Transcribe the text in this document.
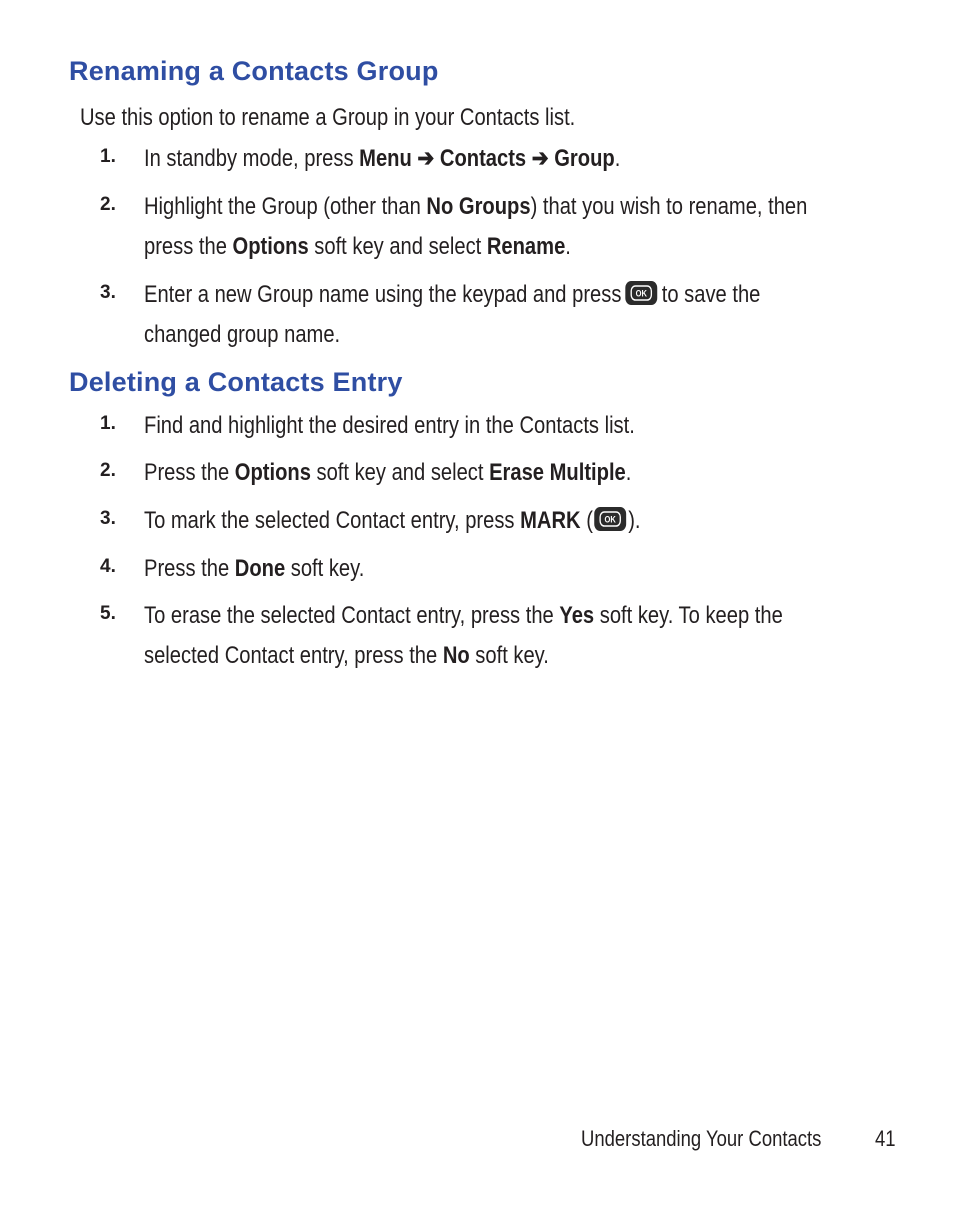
Renaming a Contacts Group
Use this option to rename a Group in your Contacts list.
1. In standby mode, press Menu ➔ Contacts ➔ Group.
2. Highlight the Group (other than No Groups) that you wish to rename, then
press the Options soft key and select Rename.
3. Enter a new Group name using the keypad and press OK to save the
changed group name.
Deleting a Contacts Entry
1. Find and highlight the desired entry in the Contacts list.
2. Press the Options soft key and select Erase Multiple.
3. To mark the selected Contact entry, press MARK ( OK ).
4. Press the Done soft key.
5. To erase the selected Contact entry, press the Yes soft key. To keep the
selected Contact entry, press the No soft key.
Understanding Your Contacts	41
